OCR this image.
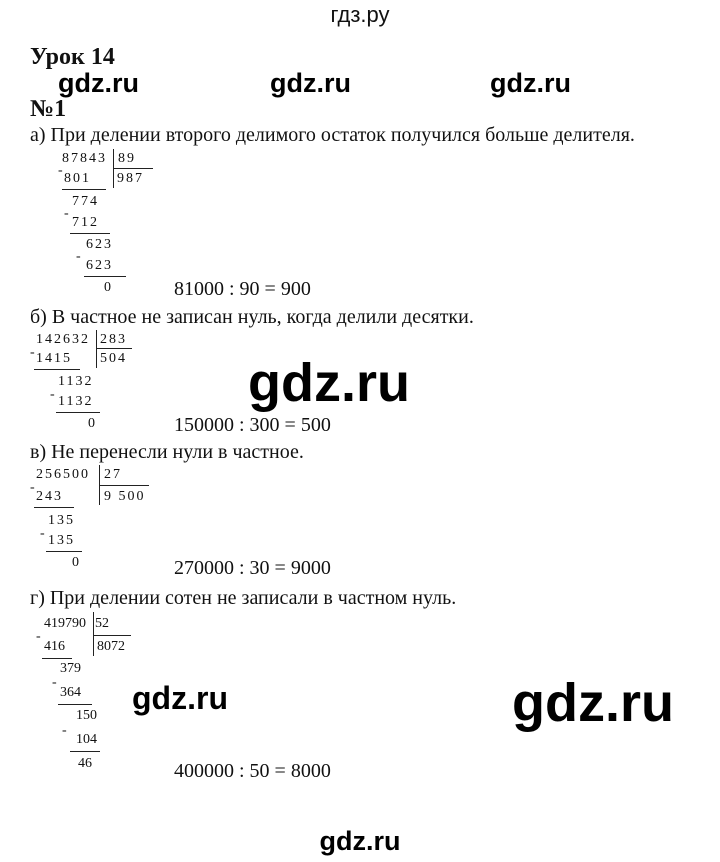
гдз.ру
Урок 14
gdz.ru	gdz.ru	gdz.ru
№1
а) При делении второго делимого остаток получился больше делителя.
87843 89
987
-
801
774
-
712
623
-
623
0	81000 : 90 = 900
б) В частное не записан нуль, когда делили десятки.
142632 283
504
- 1415
1132
- 1132
0
gdz.ru
150000 : 300 = 500
в) Не перенесли нули в частное.
256500 27
9 500
-
243
135
- 135
0	270000 : 30 = 9000
г) При делении сотен не записали в частном нуль.
419790 52
8072
-
416
379
-
364
150
-
104
46
gdz.ru	gdz.ru
400000 : 50 = 8000
gdz.ru
